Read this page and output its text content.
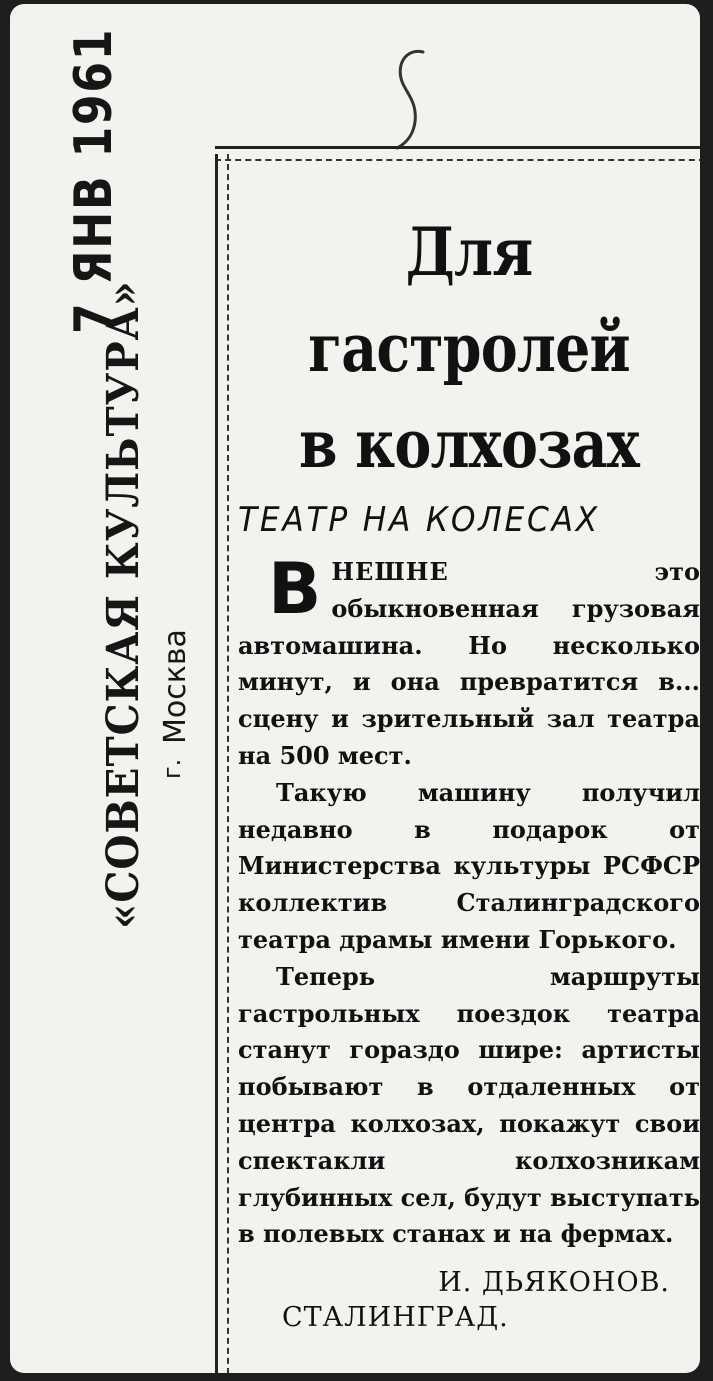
«СОВЕТСКАЯ КУЛЬТУРА»
7 ЯНВ 1961
г.
Москва
Для гастролей
в колхозах
ТЕАТР НА КОЛЕСАХ

ВНЕШНЕ это обыкновенная грузовая автомашина. Но несколько минут, и она превратится в... сцену и зрительный зал театра на 500 мест.

Такую машину получил недавно в подарок от Министерства культуры РСФСР коллектив Сталинградского театра драмы имени Горького.

Теперь маршруты гастрольных поездок театра станут гораздо шире: артисты побывают в отдаленных от центра колхозах, покажут свои спектакли колхозникам глубинных сел, будут выступать в полевых станах и на фермах.

И. ДЬЯКОНОВ.
СТАЛИНГРАД.
